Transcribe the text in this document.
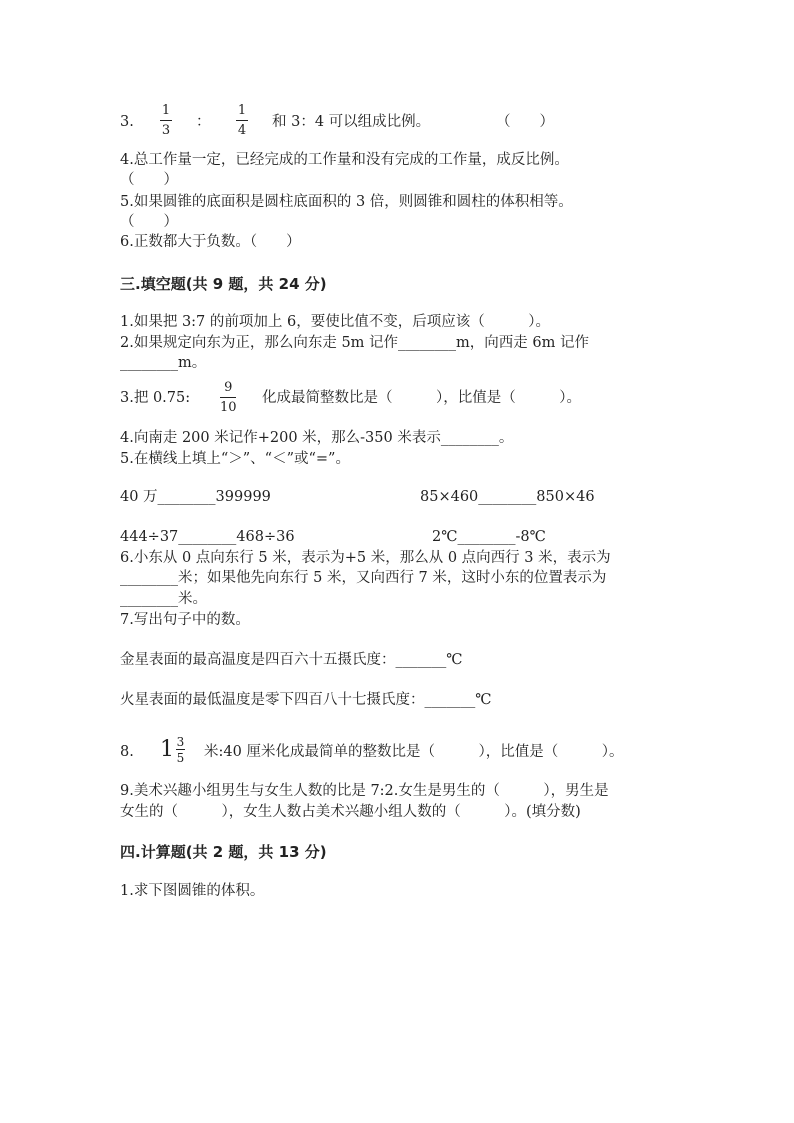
3.
1
3
：
1
4
和 3：4 可以组成比例。	（　　）
4.总工作量一定，已经完成的工作量和没有完成的工作量，成反比例。
（　　）
5.如果圆锥的底面积是圆柱底面积的 3 倍，则圆锥和圆柱的体积相等。
（　　）
6.正数都大于负数。（　　）
三.填空题(共 9 题，共 24 分)
1.如果把 3:7 的前项加上 6，要使比值不变，后项应该（　　　）。
2.如果规定向东为正，那么向东走 5m 记作________m，向西走 6m 记作
________m。
3.把 0.75:
9
10
化成最简整数比是（　　　），比值是（　　　）。
4.向南走 200 米记作+200 米，那么-350 米表示________。
5.在横线上填上“＞”、“＜”或“=”。
40 万________399999	85×460________850×46
444÷37________468÷36	2℃________-8℃
6.小东从 0 点向东行 5 米，表示为+5 米，那么从 0 点向西行 3 米，表示为
________米；如果他先向东行 5 米，又向西行 7 米，这时小东的位置表示为
________米。
7.写出句子中的数。
金星表面的最高温度是四百六十五摄氏度：_______℃
火星表面的最低温度是零下四百八十七摄氏度：_______℃
8. 1 3
5 米:40 厘米化成最简单的整数比是（　　　），比值是（　　　）。
9.美术兴趣小组男生与女生人数的比是 7:2.女生是男生的（　　　），男生是
女生的（　　　），女生人数占美术兴趣小组人数的（　　　）。(填分数)
四.计算题(共 2 题，共 13 分)
1.求下图圆锥的体积。
